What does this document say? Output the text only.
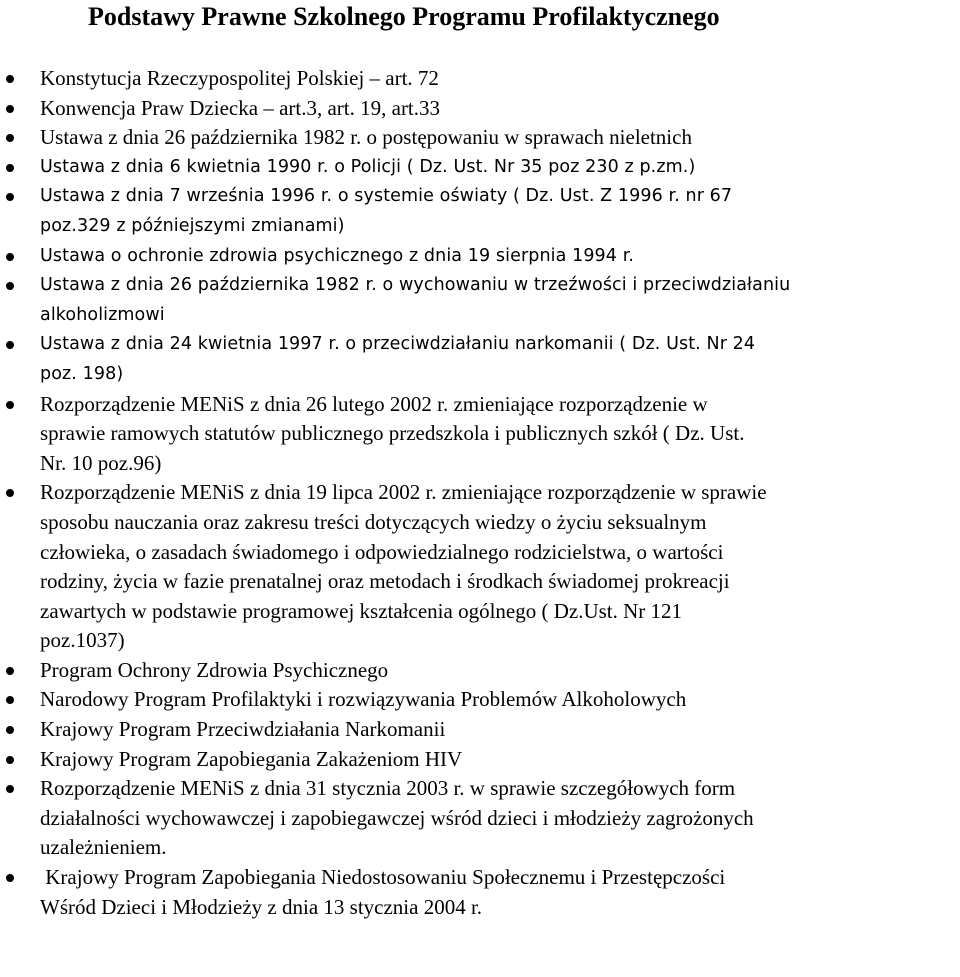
Podstawy Prawne Szkolnego Programu Profilaktycznego
Konstytucja Rzeczypospolitej Polskiej – art. 72
Konwencja Praw Dziecka – art.3, art. 19, art.33
Ustawa z dnia 26 października 1982 r. o postępowaniu w sprawach nieletnich
Ustawa z dnia 6 kwietnia 1990 r. o Policji ( Dz. Ust. Nr 35 poz 230 z p.zm.)
Ustawa z dnia 7 września 1996 r. o systemie oświaty ( Dz. Ust. Z 1996 r. nr 67
poz.329 z późniejszymi zmianami)
Ustawa o ochronie zdrowia psychicznego z dnia 19 sierpnia 1994 r.
Ustawa z dnia 26 października 1982 r. o wychowaniu w trzeźwości i przeciwdziałaniu
alkoholizmowi
Ustawa z dnia 24 kwietnia 1997 r. o przeciwdziałaniu narkomanii ( Dz. Ust. Nr 24
poz. 198)
Rozporządzenie MENiS z dnia 26 lutego 2002 r. zmieniające rozporządzenie w
sprawie ramowych statutów publicznego przedszkola i publicznych szkół ( Dz. Ust.
Nr. 10 poz.96)
Rozporządzenie MENiS z dnia 19 lipca 2002 r. zmieniające rozporządzenie w sprawie
sposobu nauczania oraz zakresu treści dotyczących wiedzy o życiu seksualnym
człowieka, o zasadach świadomego i odpowiedzialnego rodzicielstwa, o wartości
rodziny, życia w fazie prenatalnej oraz metodach i środkach świadomej prokreacji
zawartych w podstawie programowej kształcenia ogólnego ( Dz.Ust. Nr 121
poz.1037)
Program Ochrony Zdrowia Psychicznego
Narodowy Program Profilaktyki i rozwiązywania Problemów Alkoholowych
Krajowy Program Przeciwdziałania Narkomanii
Krajowy Program Zapobiegania Zakażeniom HIV
Rozporządzenie MENiS z dnia 31 stycznia 2003 r. w sprawie szczegółowych form
działalności wychowawczej i zapobiegawczej wśród dzieci i młodzieży zagrożonych
uzależnieniem.
Krajowy Program Zapobiegania Niedostosowaniu Społecznemu i Przestępczości
Wśród Dzieci i Młodzieży z dnia 13 stycznia 2004 r.
